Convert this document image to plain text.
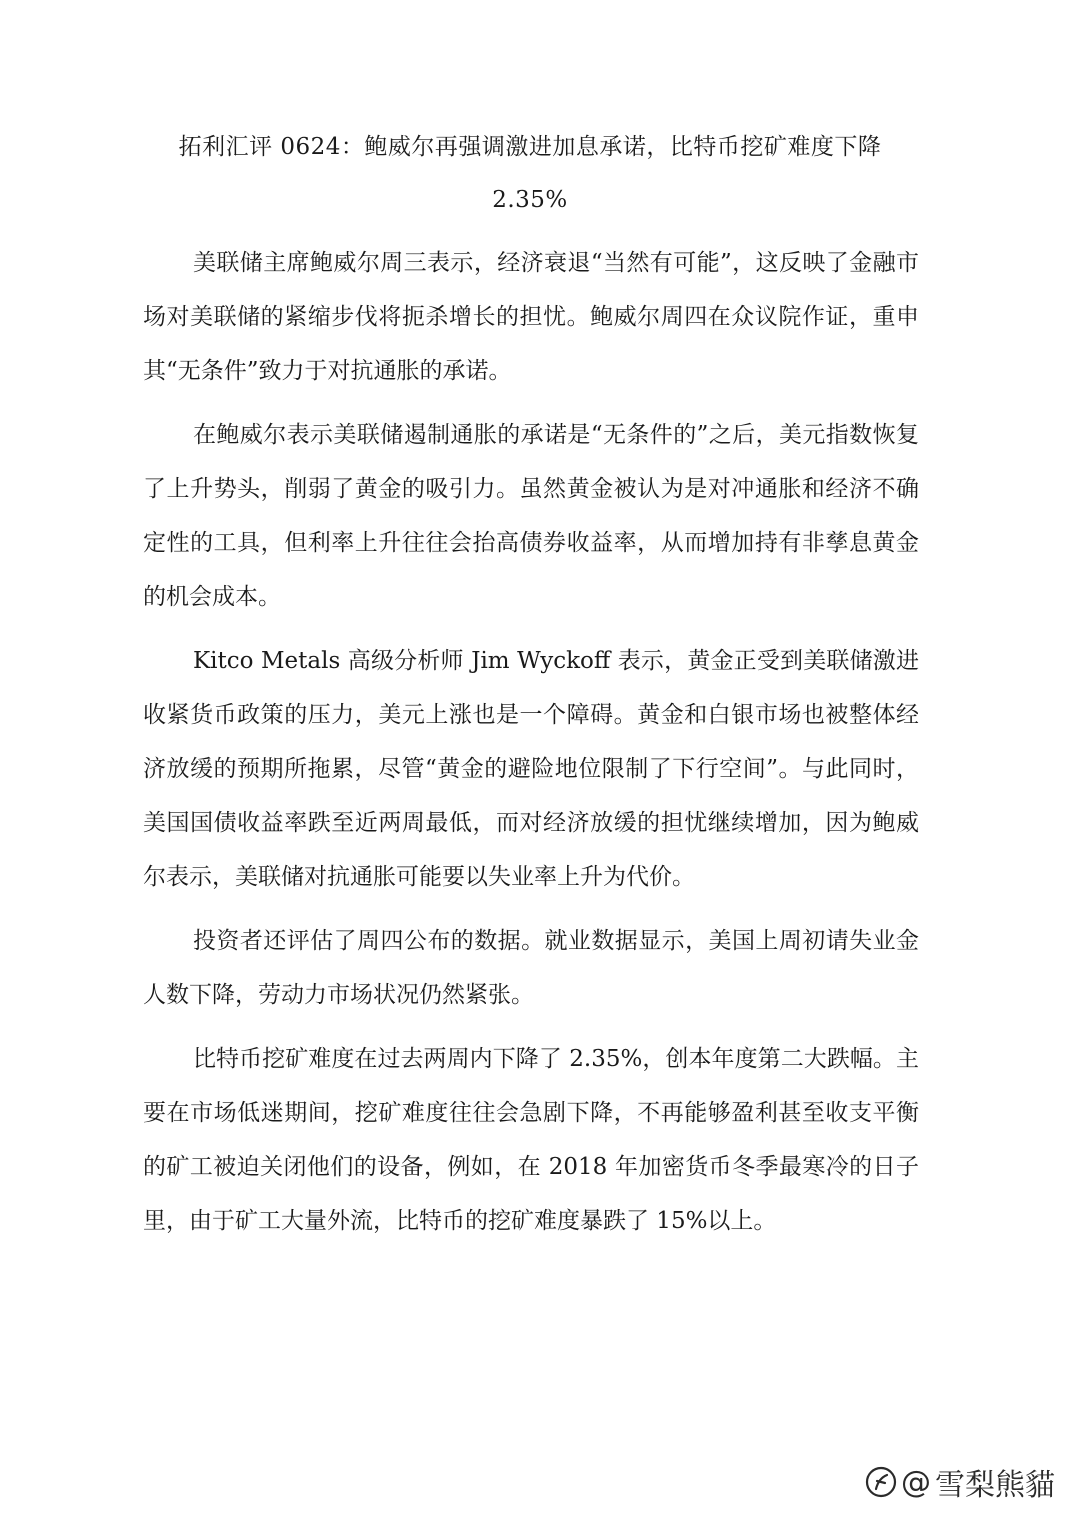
拓利汇评 0624：鲍威尔再强调激进加息承诺，比特币挖矿难度下降
2.35%

美联储主席鲍威尔周三表示，经济衰退“当然有可能”，这反映了金融市场对美联储的紧缩步伐将扼杀增长的担忧。鲍威尔周四在众议院作证，重申其“无条件”致力于对抗通胀的承诺。

在鲍威尔表示美联储遏制通胀的承诺是“无条件的”之后，美元指数恢复了上升势头，削弱了黄金的吸引力。虽然黄金被认为是对冲通胀和经济不确定性的工具，但利率上升往往会抬高债券收益率，从而增加持有非孳息黄金的机会成本。

Kitco Metals 高级分析师 Jim Wyckoff 表示，黄金正受到美联储激进收紧货币政策的压力，美元上涨也是一个障碍。黄金和白银市场也被整体经济放缓的预期所拖累，尽管“黄金的避险地位限制了下行空间”。与此同时，美国国债收益率跌至近两周最低，而对经济放缓的担忧继续增加，因为鲍威尔表示，美联储对抗通胀可能要以失业率上升为代价。

投资者还评估了周四公布的数据。就业数据显示，美国上周初请失业金人数下降，劳动力市场状况仍然紧张。

比特币挖矿难度在过去两周内下降了 2.35%，创本年度第二大跌幅。主要在市场低迷期间，挖矿难度往往会急剧下降，不再能够盈利甚至收支平衡的矿工被迫关闭他们的设备，例如，在 2018 年加密货币冬季最寒冷的日子里，由于矿工大量外流，比特币的挖矿难度暴跌了 15%以上。

@ 雪梨熊貓
